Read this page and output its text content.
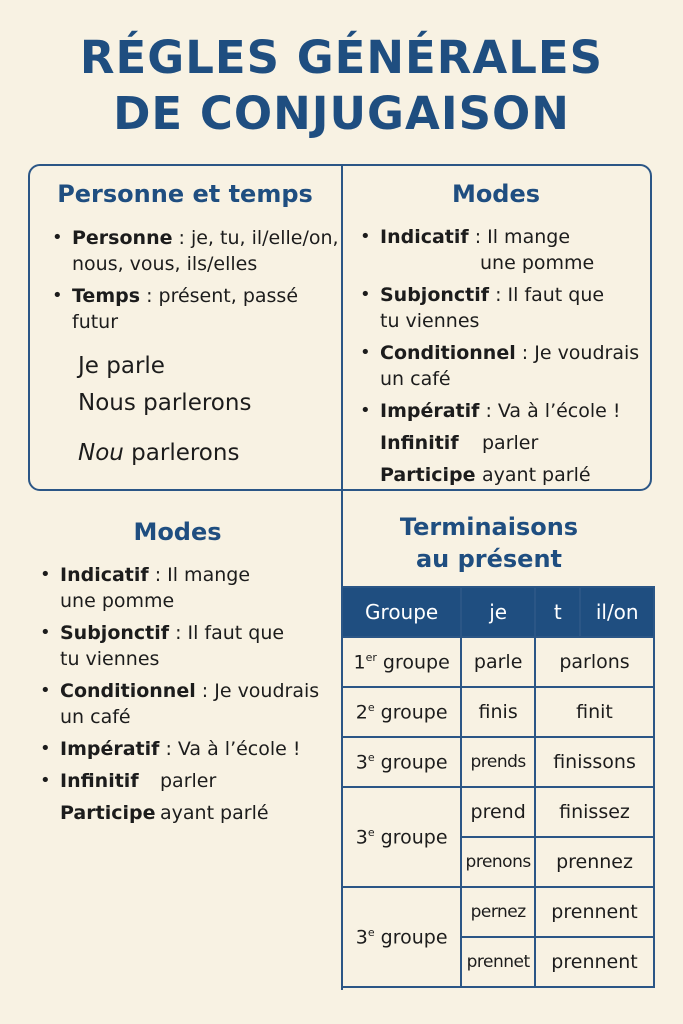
RÉGLES GÉNÉRALES
DE CONJUGAISON
Personne et temps
• Personne : je, tu, il/elle/on,
nous, vous, ils/elles
• Temps : présent, passé
futur
Je parle
Nous parlerons
Nou parlerons
Modes
• Indicatif : Il mange
une pomme
• Subjonctif : Il faut que
tu viennes
• Conditionnel : Je voudrais
un café
• Impératif : Va à l’école !
Infinitif parler
Participe ayant parlé
Modes
• Indicatif : Il mange
une pomme
• Subjonctif : Il faut que
tu viennes
• Conditionnel : Je voudrais
un café
• Impératif : Va à l’école !
• Infinitif parler
Participe ayant parlé
Terminaisons
au présent
Groupe	je	t	il/on
1er groupe	parle	parlons	
2e groupe	finis	finit	
3e groupe	prends	finissons	
3e groupe	prend	finissez	
	prenons	prennez	
3e groupe	pernez	prennent	
	prennet	prennent	
